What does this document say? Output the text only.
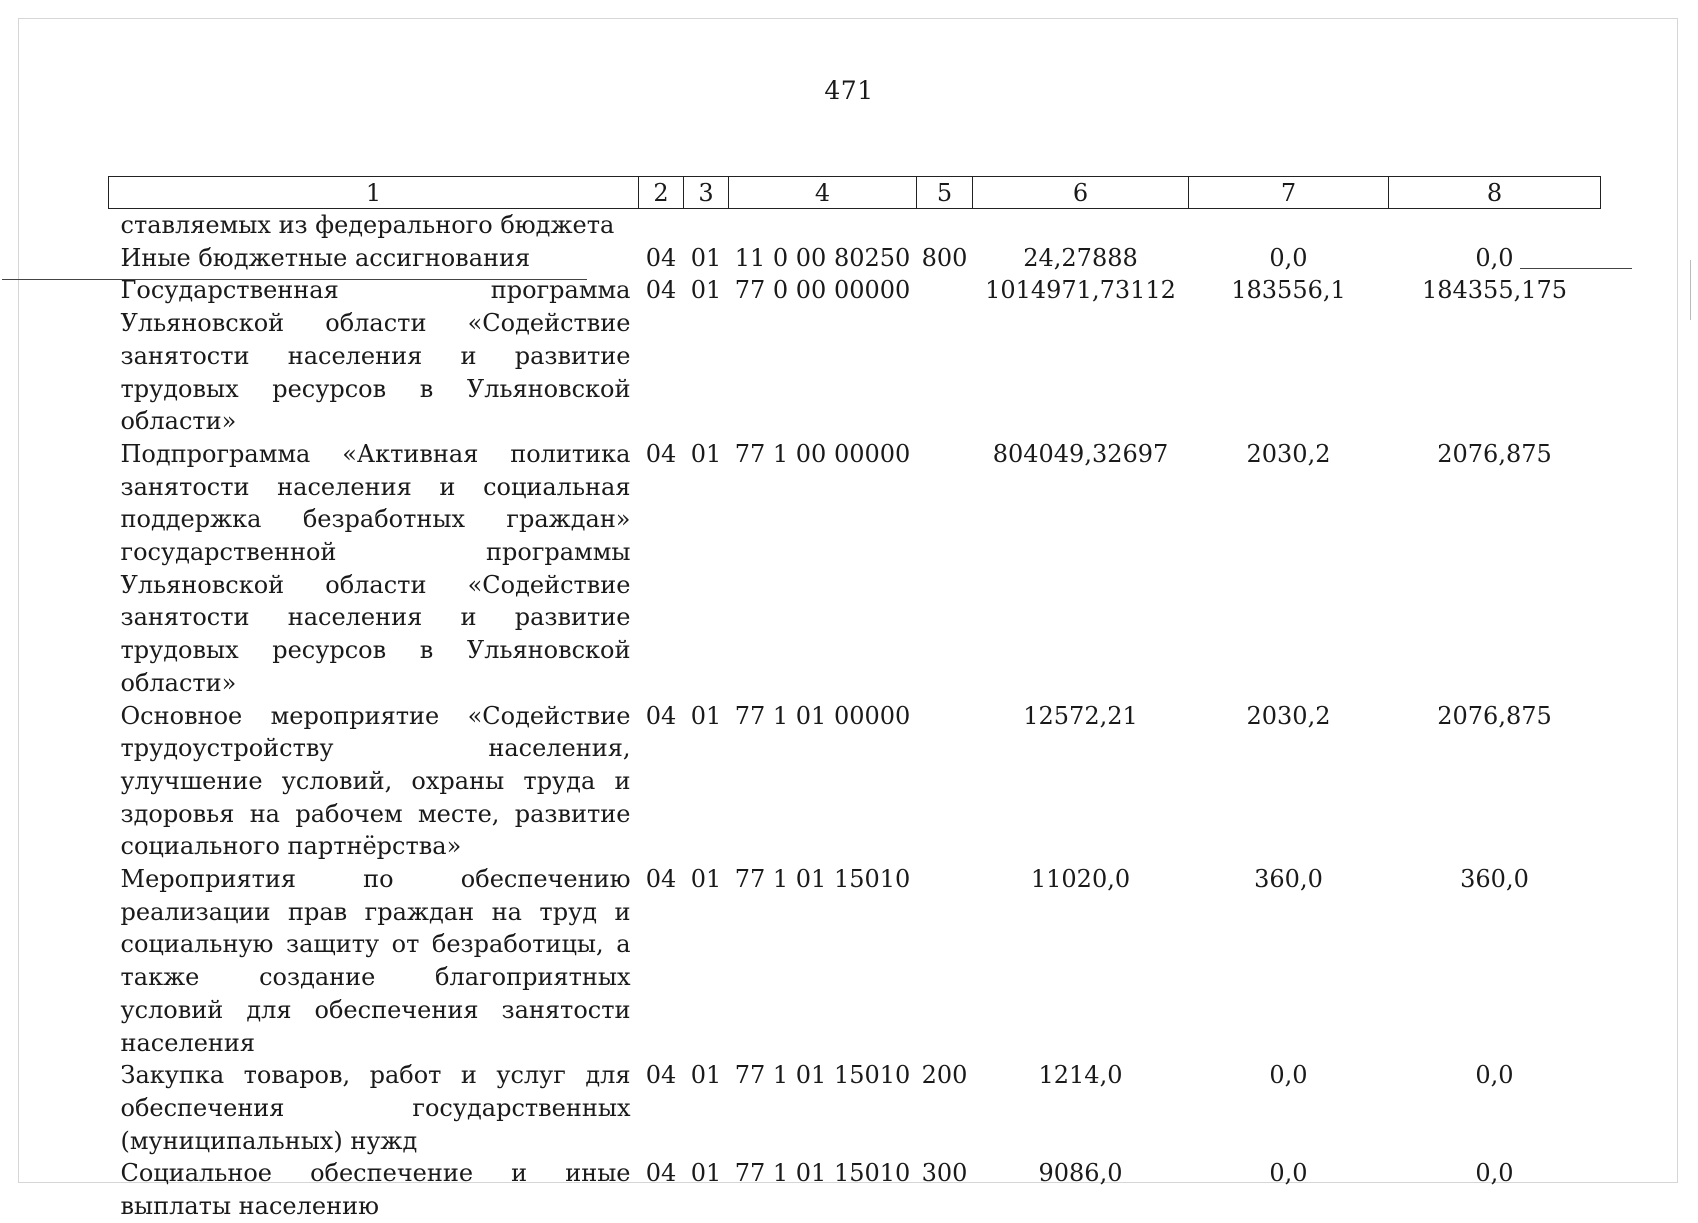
471
1	2	3	4	5	6	7	8
ставляемых из федерального бюджета							
Иные бюджетные ассигнования	04	01	11 0 00 80250	800	24,27888	0,0	0,0
Государственная программа Ульяновской области «Содействие занятости населения и развитие трудовых ресурсов в Ульяновской области»	04	01	77 0 00 00000		1014971,73112	183556,1	184355,175
Подпрограмма «Активная политика занятости населения и социальная поддержка безработных граждан» государственной программы Ульяновской области «Содействие занятости населения и развитие трудовых ресурсов в Ульяновской области»	04	01	77 1 00 00000		804049,32697	2030,2	2076,875
Основное мероприятие «Содействие трудоустройству населения, улучшение условий, охраны труда и здоровья на рабочем месте, развитие социального партнёрства»	04	01	77 1 01 00000		12572,21	2030,2	2076,875
Мероприятия по обеспечению реализации прав граждан на труд и социальную защиту от безработицы, а также создание благоприятных условий для обеспечения занятости населения	04	01	77 1 01 15010		11020,0	360,0	360,0
Закупка товаров, работ и услуг для обеспечения государственных (муниципальных) нужд	04	01	77 1 01 15010	200	1214,0	0,0	0,0
Социальное обеспечение и иные выплаты населению	04	01	77 1 01 15010	300	9086,0	0,0	0,0
